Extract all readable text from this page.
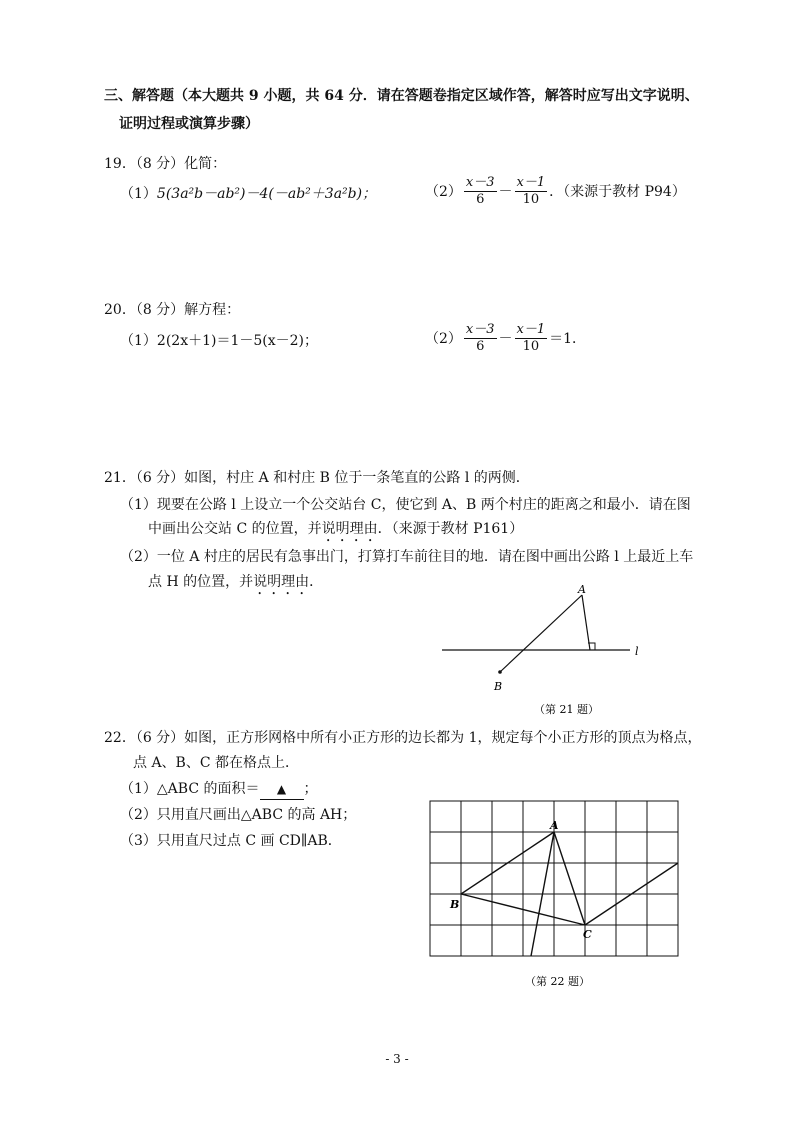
三、解答题（本大题共 9 小题，共 64 分．请在答题卷指定区域作答，解答时应写出文字说明、
证明过程或演算步骤）
19．（8 分）化简：
（1）5(3a²b－ab²)－4(－ab²＋3a²b)；	$(2) \frac{x-3}{6} - \frac{x-1}{10}$ ．（来源于教材 P94）
20．（8 分）解方程：
（1）2(2x＋1)＝1－5(x－2)；	$(2) \frac{x-3}{6} - \frac{x-1}{10} =1$．
21．（6 分）如图，村庄 A 和村庄 B 位于一条笔直的公路 l 的两侧．
（1）现要在公路 l 上设立一个公交站台 C，使它到 A、B 两个村庄的距离之和最小．请在图
中画出公交站 C 的位置，并说明理由．（来源于教材 P161）
（2）一位 A 村庄的居民有急事出门，打算打车前往目的地．请在图中画出公路 l 上最近上车
点 H 的位置，并说明理由．	A
B
l
（第 21 题）
22．（6 分）如图，正方形网格中所有小正方形的边长都为 1，规定每个小正方形的顶点为格点，
点 A、B、C 都在格点上．
（1）△ABC 的面积＝ ▲ ；
（2）只用直尺画出△ABC 的高 AH；
（3）只用直尺过点 C 画 CD∥AB．
A
B
C
（第 22 题）
- 3 -
